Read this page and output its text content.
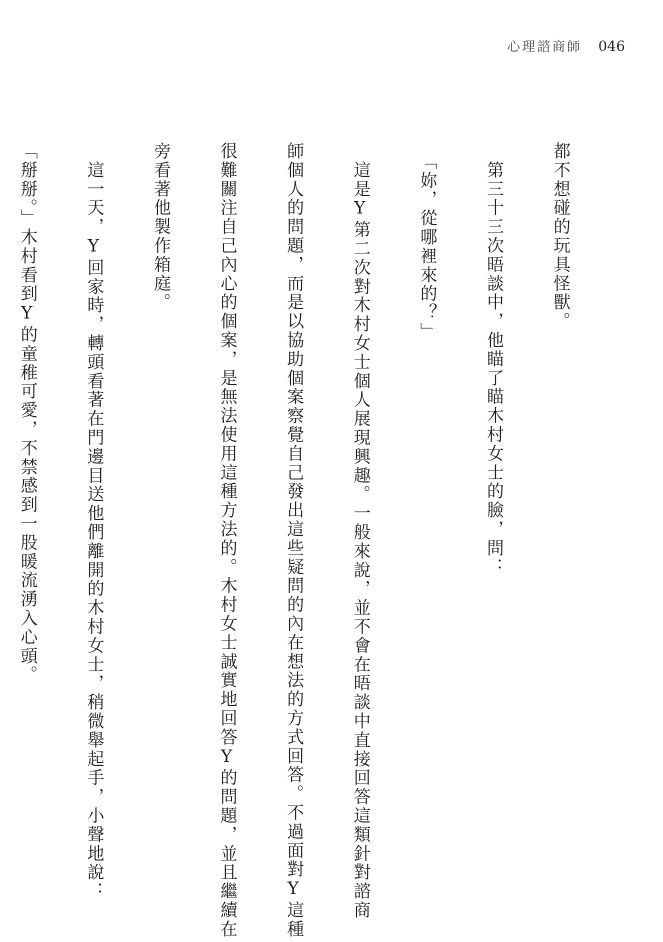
心理諮商師 046

都不想碰的玩具怪獸。

　第三十三次晤談中，他瞄了瞄木村女士的臉，問：

　「妳，從哪裡來的？」

　這是Y第二次對木村女士個人展現興趣。一般來說，並不會在晤談中直接回答這類針對諮商

師個人的問題，而是以協助個案察覺自己發出這些疑問的內在想法的方式回答。不過面對Y這種

很難關注自己內心的個案，是無法使用這種方法的。木村女士誠實地回答Y的問題，並且繼續在

旁看著他製作箱庭。

　這一天，Y回家時，轉頭看著在門邊目送他們離開的木村女士，稍微舉起手，小聲地說：

「掰掰。」木村看到Y的童稚可愛，不禁感到一股暖流湧入心頭。
